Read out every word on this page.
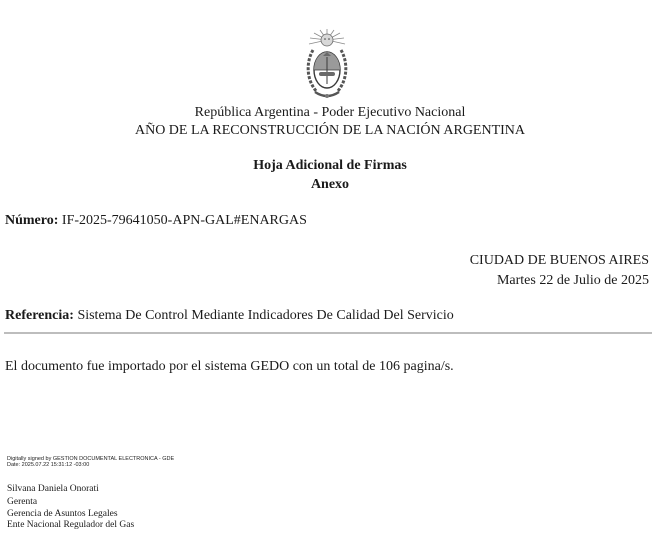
República Argentina - Poder Ejecutivo Nacional
AÑO DE LA RECONSTRUCCIÓN DE LA NACIÓN ARGENTINA
Hoja Adicional de Firmas
Anexo
Número: IF-2025-79641050-APN-GAL#ENARGAS
CIUDAD DE BUENOS AIRES
Martes 22 de Julio de 2025
Referencia: Sistema De Control Mediante Indicadores De Calidad Del Servicio
El documento fue importado por el sistema GEDO con un total de 106 pagina/s.
Digitally signed by GESTION DOCUMENTAL ELECTRONICA - GDE
Date: 2025.07.22 15:31:12 -03:00
Silvana Daniela Onorati
Gerenta
Gerencia de Asuntos Legales
Ente Nacional Regulador del Gas
